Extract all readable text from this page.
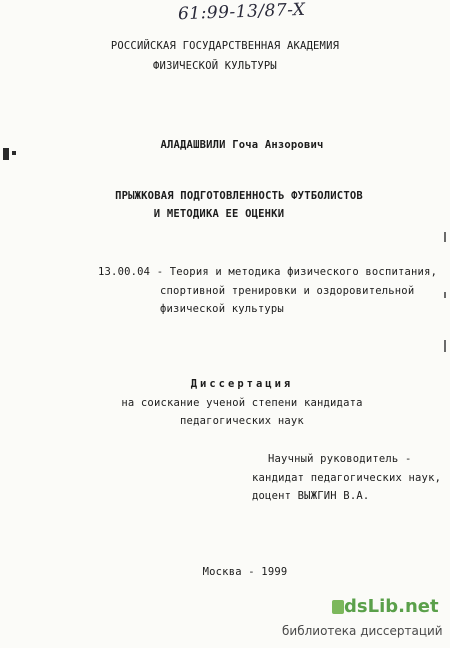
61:99-13/87-X
РОССИЙСКАЯ ГОСУДАРСТВЕННАЯ АКАДЕМИЯ
ФИЗИЧЕСКОЙ КУЛЬТУРЫ
АЛАДАШВИЛИ Гоча Анзорович
ПРЫЖКОВАЯ ПОДГОТОВЛЕННОСТЬ ФУТБОЛИСТОВ
И МЕТОДИКА ЕЕ ОЦЕНКИ
13.00.04 - Теория и методика физического воспитания,
спортивной тренировки и оздоровительной
физической культуры
Диссертация
на соискание ученой степени кандидата
педагогических наук
Научный руководитель -
кандидат педагогических наук,
доцент ВЫЖГИН В.А.
Москва - 1999
dsLib.net
библиотека диссертаций
